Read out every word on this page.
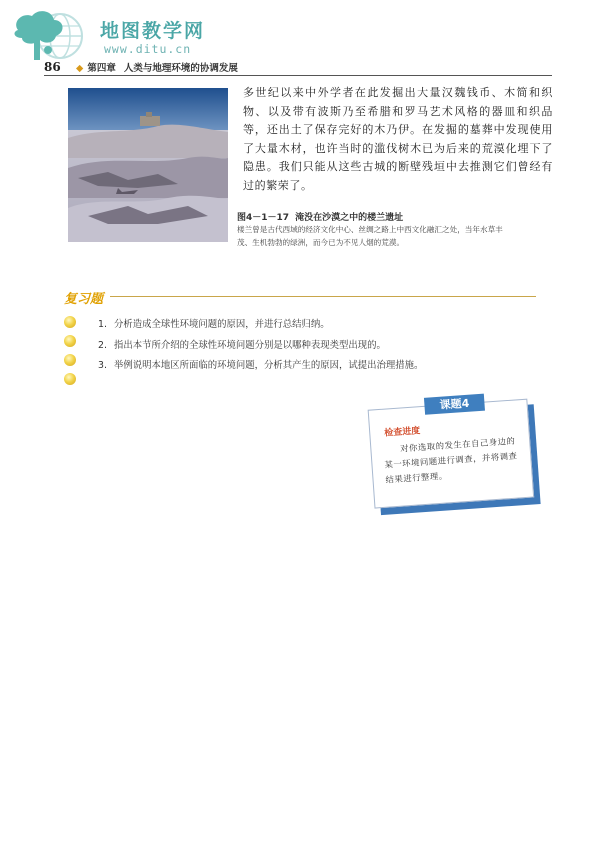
地图教学网
www.ditu.cn
86 ◆ 第四章 人类与地理环境的协调发展
多世纪以来中外学者在此发掘出大量汉魏钱币、木简和织物、以及带有波斯乃至希腊和罗马艺术风格的器皿和织品等，还出土了保存完好的木乃伊。在发掘的墓葬中发现使用了大量木材，也许当时的滥伐树木已为后来的荒漠化埋下了隐患。我们只能从这些古城的断壁残垣中去推测它们曾经有过的繁荣了。
图4－1－17 淹没在沙漠之中的楼兰遗址
楼兰曾是古代西域的经济文化中心、丝绸之路上中西文化融汇之处，当年水草丰茂、生机勃勃的绿洲，而今已为不见人烟的荒漠。
复习题
1. 分析造成全球性环境问题的原因，并进行总结归纳。
2. 指出本节所介绍的全球性环境问题分别是以哪种表现类型出现的。
3. 举例说明本地区所面临的环境问题，分析其产生的原因，试提出治理措施。
课题4
检查进度
对你选取的发生在自己身边的某一环境问题进行调查，并将调查结果进行整理。
